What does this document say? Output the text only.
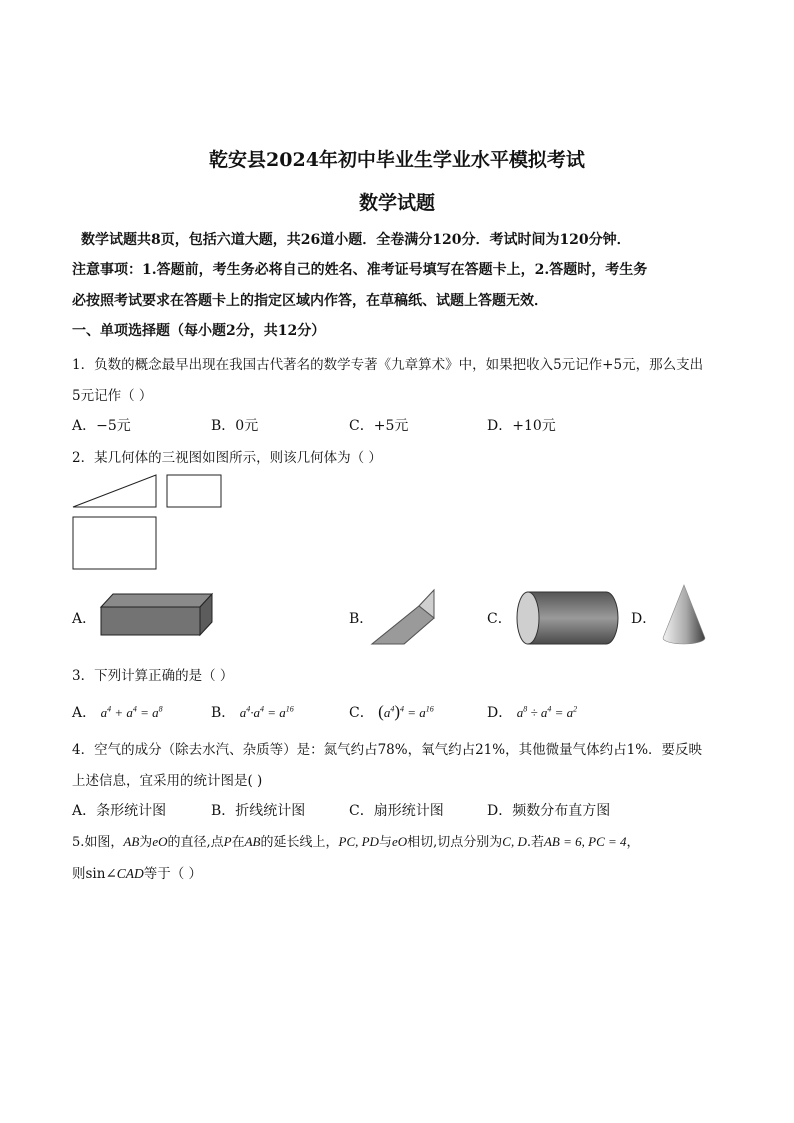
乾安县2024年初中毕业生学业水平模拟考试
数学试题
数学试题共8页，包括六道大题，共26道小题．全卷满分120分．考试时间为120分钟．
注意事项：1.答题前，考生务必将自己的姓名、准考证号填写在答题卡上，2.答题时，考生务
必按照考试要求在答题卡上的指定区域内作答，在草稿纸、试题上答题无效．
一、单项选择题（每小题2分，共12分）
1．负数的概念最早出现在我国古代著名的数学专著《九章算术》中，如果把收入5元记作+5元，那么支出
5元记作（ ）
A．−5元	B．0元	C．+5元	D．+10元
2．某几何体的三视图如图所示，则该几何体为（ ）
A．	B．	C．	D．
3．下列计算正确的是（ ）
A． $a^4 + a^4 = a^8$	B． $a^4\cdot a^4 = a^{16}$	C． $(a^4)^4 = a^{16}$	D． $a^8 \div a^4 = a^2$
4．空气的成分（除去水汽、杂质等）是：氮气约占78%，氧气约占21%，其他微量气体约占1%．要反映
上述信息，宜采用的统计图是( )
A．条形统计图	B．折线统计图	C．扇形统计图	D．频数分布直方图
5.如图，AB为eO的直径,点P在AB的延长线上，PC, PD与eO相切,切点分别为C, D.若AB = 6, PC = 4，
则sin∠CAD等于（ ）
